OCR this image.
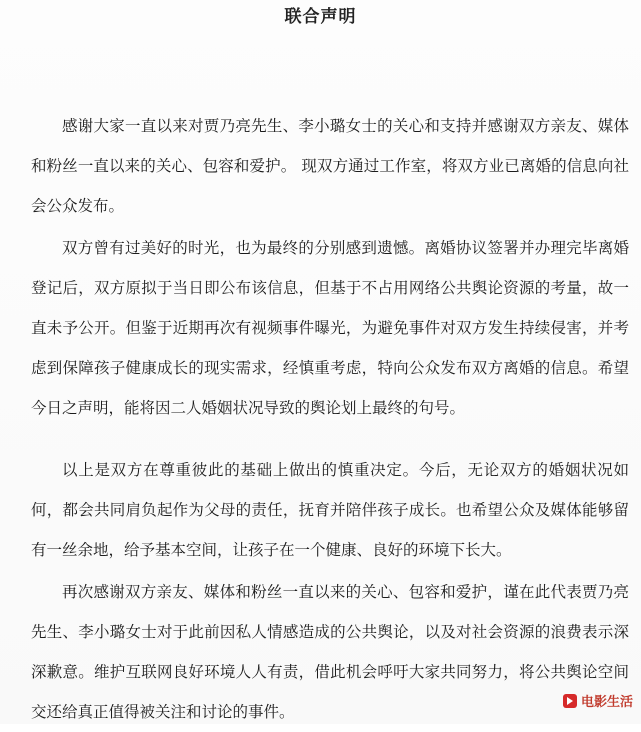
联合声明

感谢大家一直以来对贾乃亮先生、李小璐女士的关心和支持并感谢双方亲友、媒体和粉丝一直以来的关心、包容和爱护。 现双方通过工作室，将双方业已离婚的信息向社会公众发布。

双方曾有过美好的时光，也为最终的分别感到遗憾。离婚协议签署并办理完毕离婚登记后，双方原拟于当日即公布该信息，但基于不占用网络公共舆论资源的考量，故一直未予公开。但鉴于近期再次有视频事件曝光，为避免事件对双方发生持续侵害，并考虑到保障孩子健康成长的现实需求，经慎重考虑，特向公众发布双方离婚的信息。希望今日之声明，能将因二人婚姻状况导致的舆论划上最终的句号。

以上是双方在尊重彼此的基础上做出的慎重决定。今后，无论双方的婚姻状况如何，都会共同肩负起作为父母的责任，抚育并陪伴孩子成长。也希望公众及媒体能够留有一丝余地，给予基本空间，让孩子在一个健康、良好的环境下长大。

再次感谢双方亲友、媒体和粉丝一直以来的关心、包容和爱护，谨在此代表贾乃亮先生、李小璐女士对于此前因私人情感造成的公共舆论，以及对社会资源的浪费表示深深歉意。维护互联网良好环境人人有责，借此机会呼吁大家共同努力，将公共舆论空间交还给真正值得被关注和讨论的事件。	电影生活
